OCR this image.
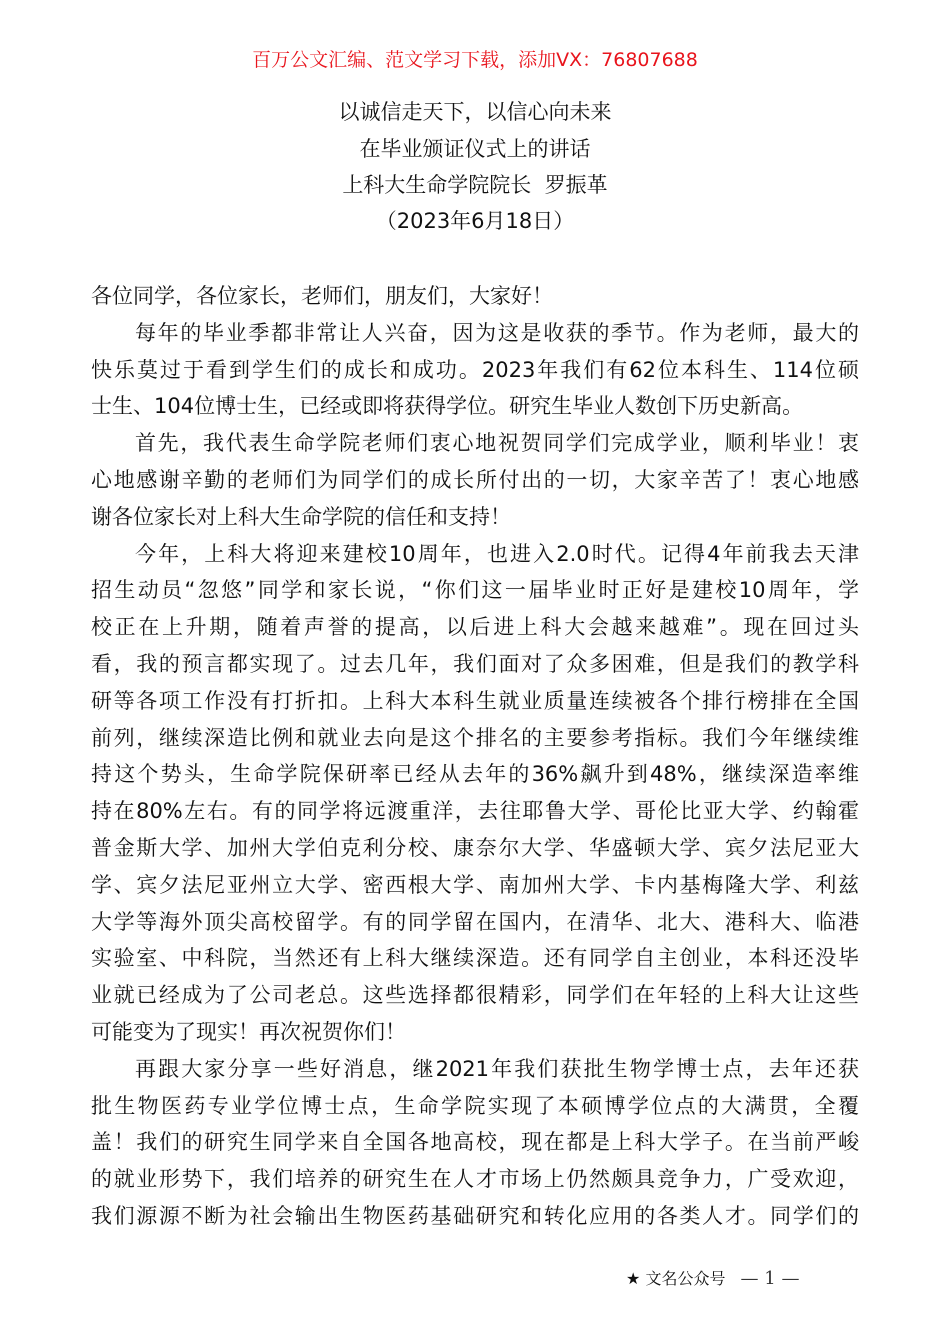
百万公文汇编、范文学习下载，添加VX：76807688
以诚信走天下，以信心向未来
在毕业颁证仪式上的讲话
上科大生命学院院长  罗振革
（2023年6月18日）
各位同学，各位家长，老师们，朋友们，大家好！
每年的毕业季都非常让人兴奋，因为这是收获的季节。作为老师，最大的
快乐莫过于看到学生们的成长和成功。2023年我们有62位本科生、114位硕
士生、104位博士生，已经或即将获得学位。研究生毕业人数创下历史新高。
首先，我代表生命学院老师们衷心地祝贺同学们完成学业，顺利毕业！衷
心地感谢辛勤的老师们为同学们的成长所付出的一切，大家辛苦了！衷心地感
谢各位家长对上科大生命学院的信任和支持！
今年，上科大将迎来建校10周年，也进入2.0时代。记得4年前我去天津
招生动员“忽悠”同学和家长说，“你们这一届毕业时正好是建校10周年，学
校正在上升期，随着声誉的提高，以后进上科大会越来越难”。现在回过头
看，我的预言都实现了。过去几年，我们面对了众多困难，但是我们的教学科
研等各项工作没有打折扣。上科大本科生就业质量连续被各个排行榜排在全国
前列，继续深造比例和就业去向是这个排名的主要参考指标。我们今年继续维
持这个势头，生命学院保研率已经从去年的36%飙升到48%，继续深造率维
持在80%左右。有的同学将远渡重洋，去往耶鲁大学、哥伦比亚大学、约翰霍
普金斯大学、加州大学伯克利分校、康奈尔大学、华盛顿大学、宾夕法尼亚大
学、宾夕法尼亚州立大学、密西根大学、南加州大学、卡内基梅隆大学、利兹
大学等海外顶尖高校留学。有的同学留在国内，在清华、北大、港科大、临港
实验室、中科院，当然还有上科大继续深造。还有同学自主创业，本科还没毕
业就已经成为了公司老总。这些选择都很精彩，同学们在年轻的上科大让这些
可能变为了现实！再次祝贺你们！
再跟大家分享一些好消息，继2021年我们获批生物学博士点，去年还获
批生物医药专业学位博士点，生命学院实现了本硕博学位点的大满贯，全覆
盖！我们的研究生同学来自全国各地高校，现在都是上科大学子。在当前严峻
的就业形势下，我们培养的研究生在人才市场上仍然颇具竞争力，广受欢迎，
我们源源不断为社会输出生物医药基础研究和转化应用的各类人才。同学们的
★ 文名公众号 — 1 —
